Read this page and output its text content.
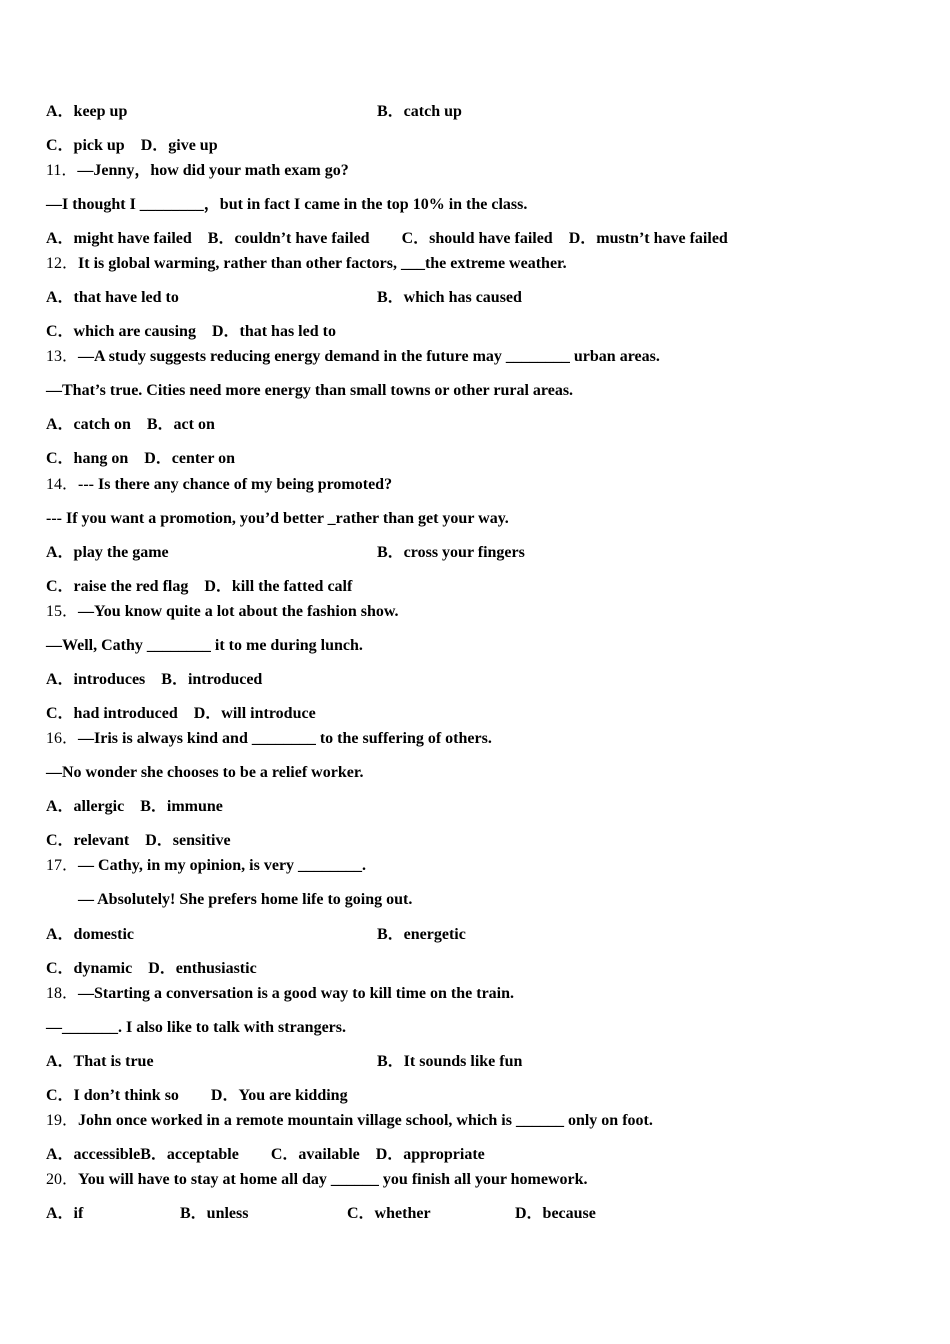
A．keep up	B．catch up
C．pick up　D．give up
11．—Jenny，how did your math exam go?
—I thought I ________，but in fact I came in the top 10% in the class.
A．might have failed　B．couldn’t have failed　　C．should have failed　D．mustn’t have failed
12．It is global warming, rather than other factors, ___the extreme weather.
A．that have led to	B．which has caused
C．which are causing　D．that has led to
13．—A study suggests reducing energy demand in the future may ________ urban areas.
—That’s true. Cities need more energy than small towns or other rural areas.
A．catch on　B．act on
C．hang on　D．center on
14．--- Is there any chance of my being promoted?
--- If you want a promotion, you’d better _rather than get your way.
A．play the game	B．cross your fingers
C．raise the red flag　D．kill the fatted calf
15．—You know quite a lot about the fashion show.
—Well, Cathy ________ it to me during lunch.
A．introduces　B．introduced
C．had introduced　D．will introduce
16．—Iris is always kind and ________ to the suffering of others.
—No wonder she chooses to be a relief worker.
A．allergic　B．immune
C．relevant　D．sensitive
17．— Cathy, in my opinion, is very ________.
— Absolutely! She prefers home life to going out.
A．domestic	B．energetic
C．dynamic　D．enthusiastic
18．—Starting a conversation is a good way to kill time on the train.
—_______. I also like to talk with strangers.
A．That is true	B．It sounds like fun
C．I don’t think so　　D．You are kidding
19．John once worked in a remote mountain village school, which is ______ only on foot.
A．accessibleB．acceptable　　C．available　D．appropriate
20．You will have to stay at home all day ______ you finish all your homework.
A．if	B．unless	C．whether	D．because
